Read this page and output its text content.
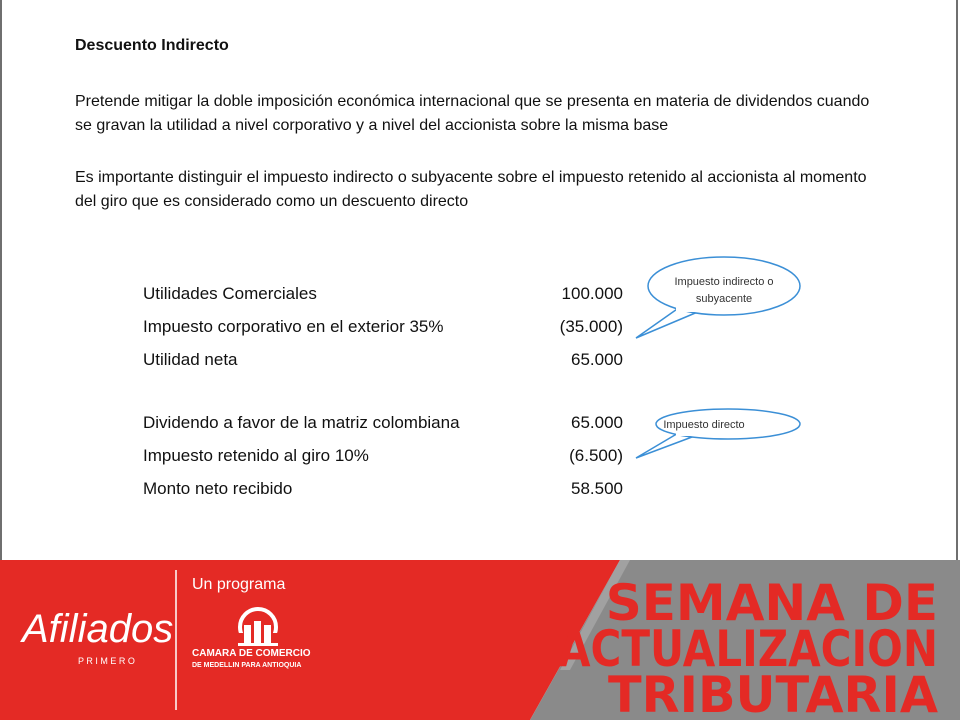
Descuento Indirecto
Pretende mitigar la doble imposición económica internacional que se presenta en materia de dividendos cuando se gravan la utilidad a nivel corporativo y a nivel del accionista sobre la misma base
Es importante distinguir el impuesto indirecto o subyacente sobre el impuesto retenido al accionista al momento del giro que es considerado como un descuento directo
Utilidades Comerciales	100.000
Impuesto corporativo en el exterior 35%	(35.000)
Utilidad neta	65.000
Dividendo a favor de la matriz colombiana	65.000
Impuesto retenido al giro 10%	(6.500)
Monto neto recibido	58.500
Impuesto indirecto o
subyacente
Impuesto directo
Afiliados
P R I M E R O
Un programa
CAMARA DE COMERCIO
DE MEDELLIN PARA ANTIOQUIA
SEMANA DE
ACTUALIZACION
TRIBUTARIA
